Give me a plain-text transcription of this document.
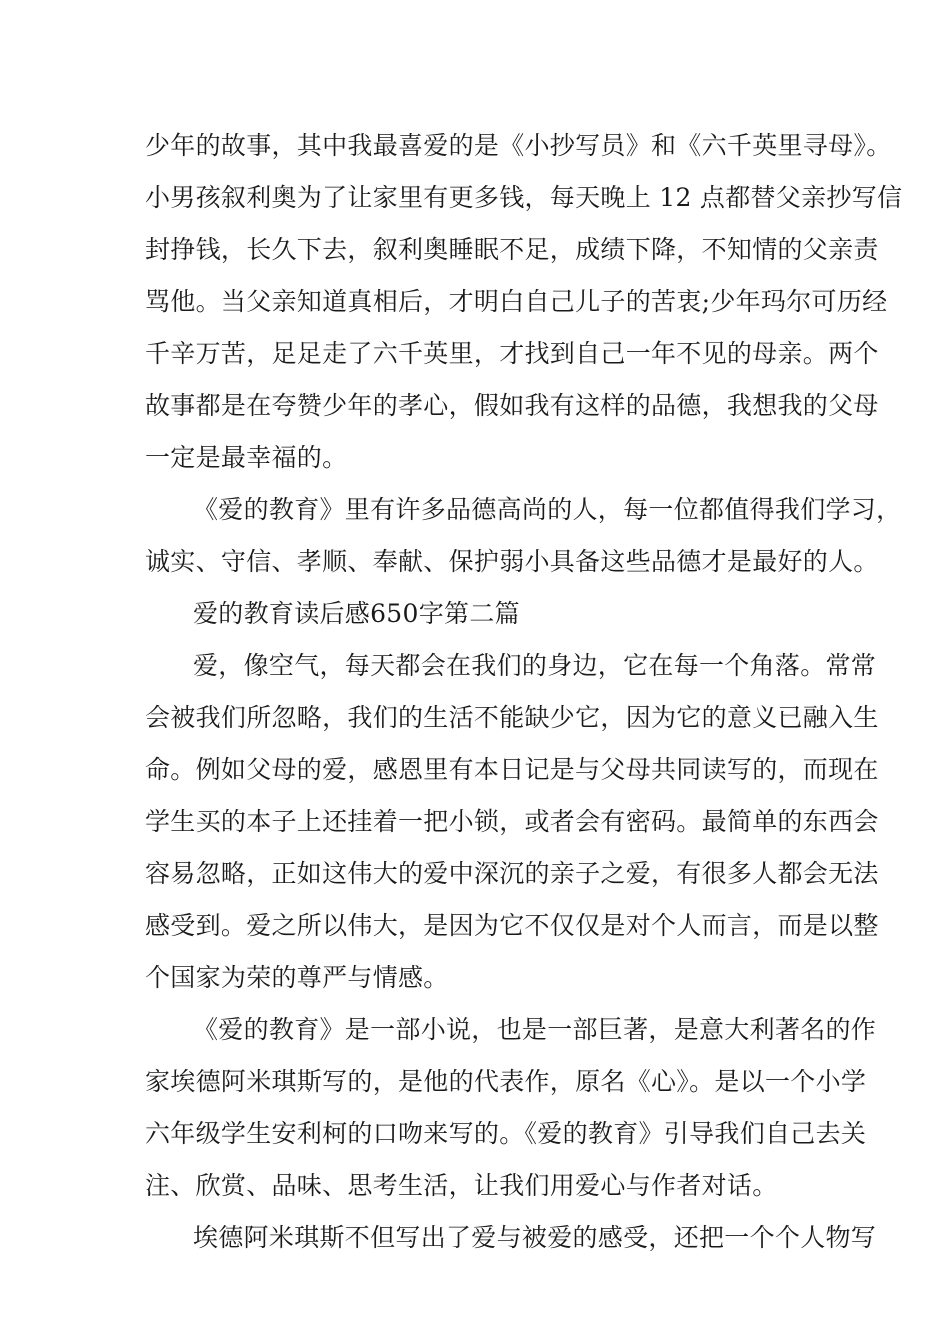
少年的故事，其中我最喜爱的是《小抄写员》和《六千英里寻母》。

小男孩叙利奥为了让家里有更多钱，每天晚上 12 点都替父亲抄写信

封挣钱，长久下去，叙利奥睡眠不足，成绩下降，不知情的父亲责

骂他。当父亲知道真相后，才明白自己儿子的苦衷;少年玛尔可历经

千辛万苦，足足走了六千英里，才找到自己一年不见的母亲。两个

故事都是在夸赞少年的孝心，假如我有这样的品德，我想我的父母

一定是最幸福的。

《爱的教育》里有许多品德高尚的人，每一位都值得我们学习，

诚实、守信、孝顺、奉献、保护弱小具备这些品德才是最好的人。

爱的教育读后感650字第二篇

爱，像空气，每天都会在我们的身边，它在每一个角落。常常

会被我们所忽略，我们的生活不能缺少它，因为它的意义已融入生

命。例如父母的爱，感恩里有本日记是与父母共同读写的，而现在

学生买的本子上还挂着一把小锁，或者会有密码。最简单的东西会

容易忽略，正如这伟大的爱中深沉的亲子之爱，有很多人都会无法

感受到。爱之所以伟大，是因为它不仅仅是对个人而言，而是以整

个国家为荣的尊严与情感。

《爱的教育》是一部小说，也是一部巨著，是意大利著名的作

家埃德阿米琪斯写的，是他的代表作，原名《心》。是以一个小学

六年级学生安利柯的口吻来写的。《爱的教育》引导我们自己去关

注、欣赏、品味、思考生活，让我们用爱心与作者对话。

埃德阿米琪斯不但写出了爱与被爱的感受，还把一个个人物写
